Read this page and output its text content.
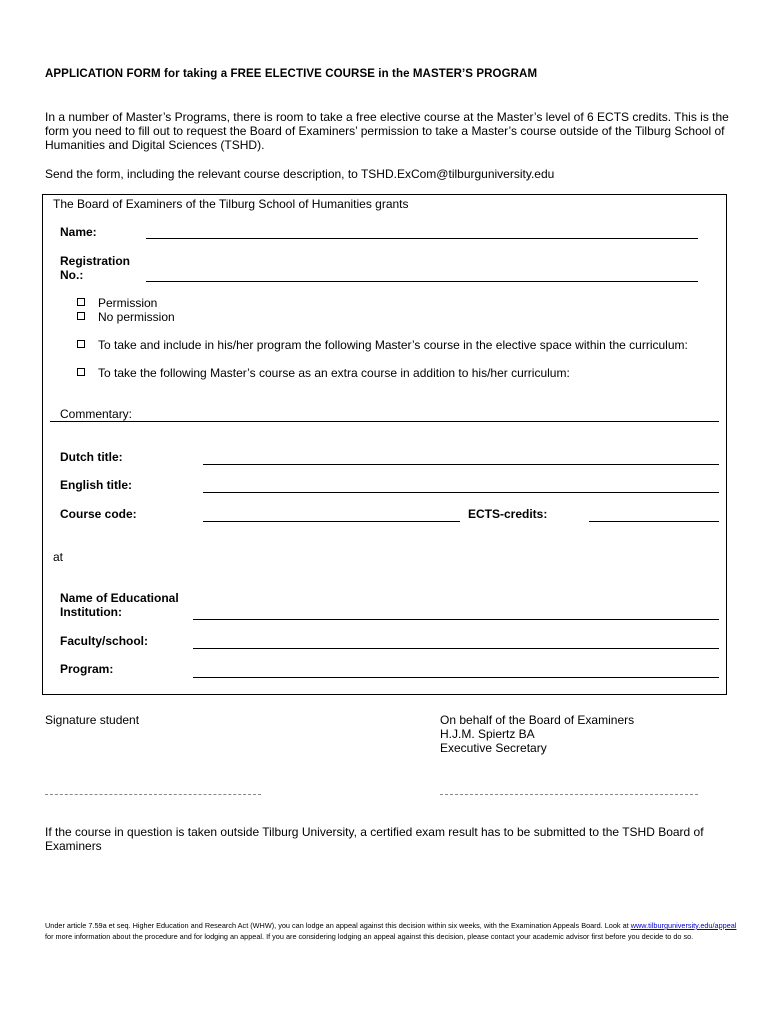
APPLICATION FORM for taking a FREE ELECTIVE COURSE in the MASTER’S PROGRAM
In a number of Master’s Programs, there is room to take a free elective course at the Master’s level of 6 ECTS credits. This is the form you need to fill out to request the Board of Examiners’ permission to take a Master’s course outside of the Tilburg School of Humanities and Digital Sciences (TSHD).
Send the form, including the relevant course description, to TSHD.ExCom@tilburguniversity.edu
The Board of Examiners of the Tilburg School of Humanities grants
Name:
Registration
No.:
Permission
No permission
To take and include in his/her program the following Master’s course in the elective space within the curriculum:
To take the following Master’s course as an extra course in addition to his/her curriculum:
Commentary:
Dutch title:
English title:
Course code:	ECTS-credits:
at
Name of Educational
Institution:
Faculty/school:
Program:
Signature student	On behalf of the Board of Examiners
H.J.M. Spiertz BA
Executive Secretary
If the course in question is taken outside Tilburg University, a certified exam result has to be submitted to the TSHD Board of Examiners
Under article 7.59a et seq. Higher Education and Research Act (WHW), you can lodge an appeal against this decision within six weeks, with the Examination Appeals Board. Look at www.tilburguniversity.edu/appeal for more information about the procedure and for lodging an appeal. If you are considering lodging an appeal against this decision, please contact your academic advisor first before you decide to do so.
